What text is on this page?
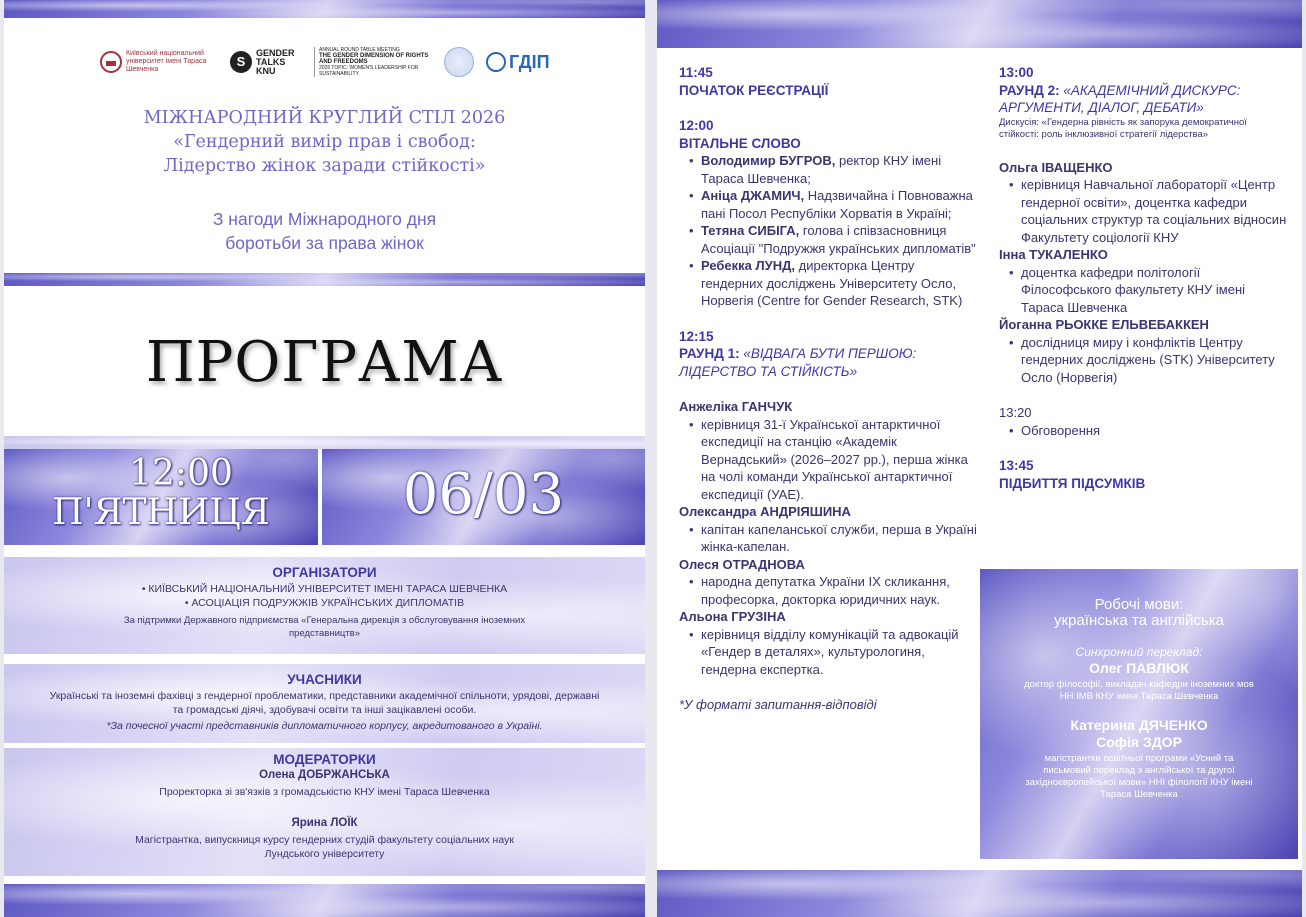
Київський національний університет імені Тараса Шевченка
S
GENDER TALKS KNU
ANNUAL ROUND TABLE MEETING
THE GENDER DIMENSION OF RIGHTS AND FREEDOMS
2026 TOPIC: WOMEN'S LEADERSHIP FOR SUSTAINABILITY
ГДІП
МІЖНАРОДНИЙ КРУГЛИЙ СТІЛ 2026
«Гендерний вимір прав і свобод:
Лідерство жінок заради стійкості»
З нагоди Міжнародного дня
боротьби за права жінок
ПРОГРАМА
12:00
П'ЯТНИЦЯ	06/03
ОРГАНІЗАТОРИ
• КИЇВСЬКИЙ НАЦІОНАЛЬНИЙ УНІВЕРСИТЕТ ІМЕНІ ТАРАСА ШЕВЧЕНКА
• АСОЦІАЦІЯ ПОДРУЖЖІВ УКРАЇНСЬКИХ ДИПЛОМАТІВ
За підтримки Державного підприємства «Генеральна дирекція з обслуговування іноземних представництв»
УЧАСНИКИ
Українські та іноземні фахівці з гендерної проблематики, представники академічної спільноти, урядові, державні та громадські діячі, здобувачі освіти та інші зацікавлені особи.
*За почесної участі представників дипломатичного корпусу, акредитованого в Україні.
МОДЕРАТОРКИ
Олена ДОБРЖАНСЬКА
Проректорка зі зв'язків з громадськістю КНУ імені Тараса Шевченка
Ярина ЛОЇК
Магістрантка, випускниця курсу гендерних студій факультету соціальних наук
Лундського університету
11:45
ПОЧАТОК РЕЄСТРАЦІЇ
12:00
ВІТАЛЬНЕ СЛОВО
• Володимир БУГРОВ, ректор КНУ імені Тараса Шевченка;
• Аніца ДЖАМИЧ, Надзвичайна і Повноважна пані Посол Республіки Хорватія в Україні;
• Тетяна СИБІГА, голова і співзасновниця Асоціації "Подружжя українських дипломатів"
• Ребекка ЛУНД, директорка Центру гендерних досліджень Університету Осло, Норвегія (Centre for Gender Research, STK)
12:15
РАУНД 1: «ВІДВАГА БУТИ ПЕРШОЮ: ЛІДЕРСТВО ТА СТІЙКІСТЬ»
Анжеліка ГАНЧУК
• керівниця 31-ї Української антарктичної експедиції на станцію «Академік Вернадський» (2026–2027 рр.), перша жінка на чолі команди Української антарктичної експедиції (УАЕ).
Олександра АНДРІЯШИНА
• капітан капеланської служби, перша в Україні жінка-капелан.
Олеся ОТРАДНОВА
• народна депутатка України IX скликання, професорка, докторка юридичних наук.
Альона ГРУЗІНА
• керівниця відділу комунікацій та адвокацій «Гендер в деталях», культурологиня, гендерна експертка.
*У форматі запитання-відповіді
13:00
РАУНД 2: «АКАДЕМІЧНИЙ ДИСКУРС: АРГУМЕНТИ, ДІАЛОГ, ДЕБАТИ»
Дискусія: «Гендерна рівність як запорука демократичної стійкості: роль інклюзивної стратегії лідерства»
Ольга ІВАЩЕНКО
• керівниця Навчальної лабораторії «Центр гендерної освіти», доцентка кафедри соціальних структур та соціальних відносин Факультету соціології КНУ
Інна ТУКАЛЕНКО
• доцентка кафедри політології Філософського факультету КНУ імені Тараса Шевченка
Йоганна РЬОККЕ ЕЛЬВЕБАККЕН
• дослідниця миру і конфліктів Центру гендерних досліджень (STK) Університету Осло (Норвегія)
13:20
• Обговорення
13:45
ПІДБИТТЯ ПІДСУМКІВ
Робочі мови:
українська та англійська
Синхронний переклад:
Олег ПАВЛЮК
доктор філософії, викладач кафедри іноземних мов НН ІМВ КНУ імені Тараса Шевченка
Катерина ДЯЧЕНКО
Софія ЗДОР
магістрантки освітньої програми «Усний та письмовий переклад з англійської та другої західноєвропейської мови» ННІ філології КНУ імені Тараса Шевченка
